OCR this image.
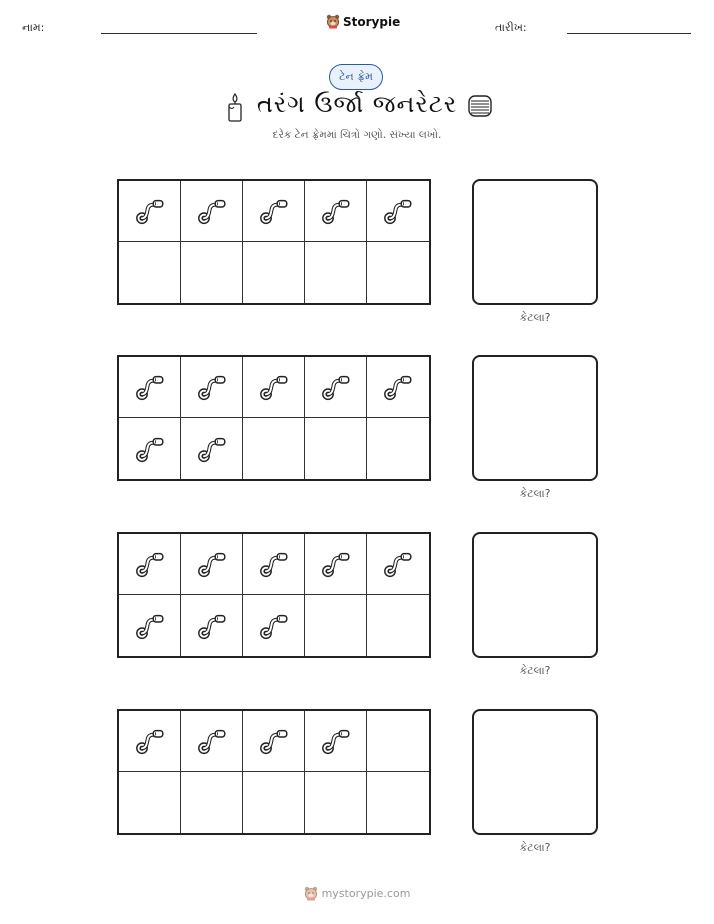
નામ:	Storypie	તારીખ:
ટેન ફ્રેમ
તરંગ ઉર્જા જનરેટર
દરેક ટેન ફ્રેમમાં ચિત્રો ગણો. સંખ્યા લખો.
કેટલા?
કેટલા?
કેટલા?
કેટલા?
mystorypie.com
